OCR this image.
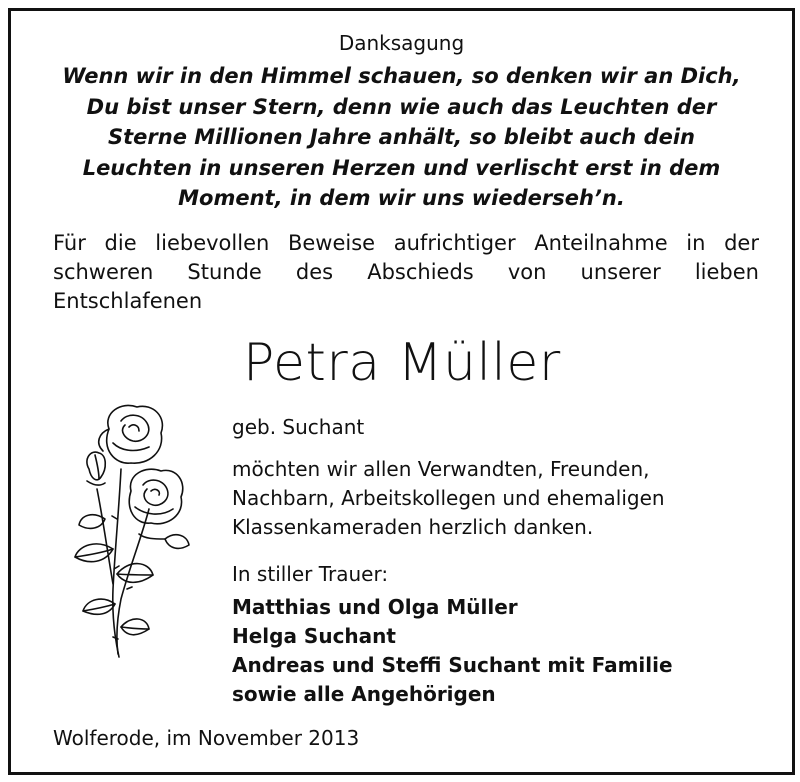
Danksagung
Wenn wir in den Himmel schauen, so denken wir an Dich,
Du bist unser Stern, denn wie auch das Leuchten der
Sterne Millionen Jahre anhält, so bleibt auch dein
Leuchten in unseren Herzen und verlischt erst in dem
Moment, in dem wir uns wiederseh’n.
Für die liebevollen Beweise aufrichtiger Anteilnahme in der
schweren Stunde des Abschieds von unserer lieben
Entschlafenen
Petra Müller
geb. Suchant
möchten wir allen Verwandten, Freunden,
Nachbarn, Arbeitskollegen und ehemaligen
Klassenkameraden herzlich danken.
In stiller Trauer:
Matthias und Olga Müller
Helga Suchant
Andreas und Steffi Suchant mit Familie
sowie alle Angehörigen
Wolferode, im November 2013
